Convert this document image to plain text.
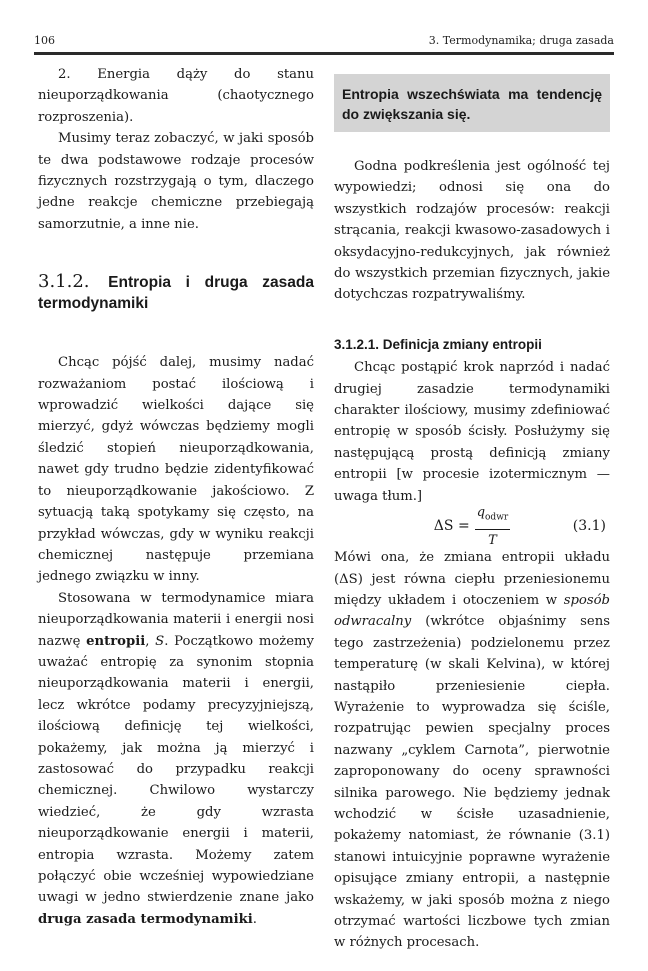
106	3. Termodynamika; druga zasada

2. Energia dąży do stanu nieuporządkowania (chaotycznego rozproszenia).

Musimy teraz zobaczyć, w jaki sposób te dwa podstawowe rodzaje procesów fizycznych rozstrzygają o tym, dlaczego jedne reakcje chemiczne przebiegają samorzutnie, a inne nie.

3.1.2. Entropia i druga zasada termodynamiki

Chcąc pójść dalej, musimy nadać rozważaniom postać ilościową i wprowadzić wielkości dające się mierzyć, gdyż wówczas będziemy mogli śledzić stopień nieuporządkowania, nawet gdy trudno będzie zidentyfikować to nieuporządkowanie jakościowo. Z sytuacją taką spotykamy się często, na przykład wówczas, gdy w wyniku reakcji chemicznej następuje przemiana jednego związku w inny.

Stosowana w termodynamice miara nieuporządkowania materii i energii nosi nazwę entropii, S. Początkowo możemy uważać entropię za synonim stopnia nieuporządkowania materii i energii, lecz wkrótce podamy precyzyjniejszą, ilościową definicję tej wielkości, pokażemy, jak można ją mierzyć i zastosować do przypadku reakcji chemicznej. Chwilowo wystarczy wiedzieć, że gdy wzrasta nieuporządkowanie energii i materii, entropia wzrasta. Możemy zatem połączyć obie wcześniej wypowiedziane uwagi w jedno stwierdzenie znane jako druga zasada termodynamiki.

Entropia wszechświata ma tendencję do zwiększania się.

Godna podkreślenia jest ogólność tej wypowiedzi; odnosi się ona do wszystkich rodzajów procesów: reakcji strącania, reakcji kwasowo-zasadowych i oksydacyjno-redukcyjnych, jak również do wszystkich przemian fizycznych, jakie dotychczas rozpatrywaliśmy.

3.1.2.1. Definicja zmiany entropii

Chcąc postąpić krok naprzód i nadać drugiej zasadzie termodynamiki charakter ilościowy, musimy zdefiniować entropię w sposób ścisły. Posłużymy się następującą prostą definicją zmiany entropii [w procesie izotermicznym — uwaga tłum.]

$\Delta S = \frac{q_{odwr}}{T}$	(3.1)

Mówi ona, że zmiana entropii układu (ΔS) jest równa ciepłu przeniesionemu między układem i otoczeniem w sposób odwracalny (wkrótce objaśnimy sens tego zastrzeżenia) podzielonemu przez temperaturę (w skali Kelvina), w której nastąpiło przeniesienie ciepła. Wyrażenie to wyprowadza się ściśle, rozpatrując pewien specjalny proces nazwany „cyklem Carnota”, pierwotnie zaproponowany do oceny sprawności silnika parowego. Nie będziemy jednak wchodzić w ścisłe uzasadnienie, pokażemy natomiast, że równanie (3.1) stanowi intuicyjnie poprawne wyrażenie opisujące zmiany entropii, a następnie wskażemy, w jaki sposób można z niego otrzymać wartości liczbowe tych zmian w różnych procesach.
